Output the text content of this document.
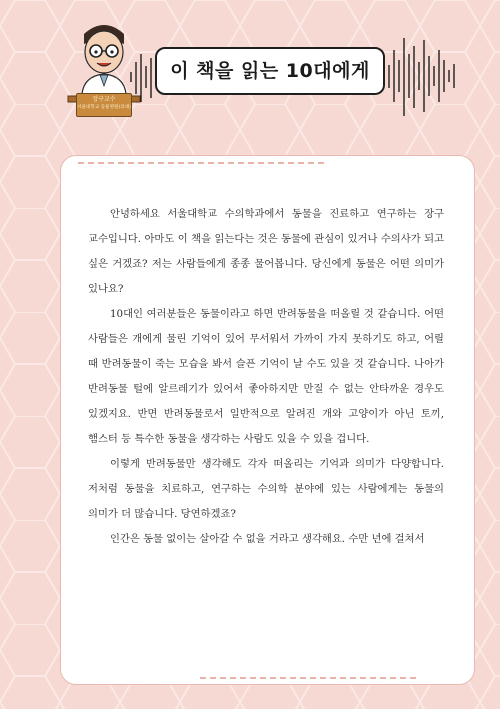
장구교수
서울대학교 동물병원(의대)
이 책을 읽는 10대에게

안녕하세요 서울대학교 수의학과에서 동물을 진료하고 연구하는 장구 교수입니다. 아마도 이 책을 읽는다는 것은 동물에 관심이 있거나 수의사가 되고 싶은 거겠죠? 저는 사람들에게 종종 물어봅니다. 당신에게 동물은 어떤 의미가 있나요?

10대인 여러분들은 동물이라고 하면 반려동물을 떠올릴 것 같습니다. 어떤 사람들은 개에게 물린 기억이 있어 무서워서 가까이 가지 못하기도 하고, 어릴 때 반려동물이 죽는 모습을 봐서 슬픈 기억이 날 수도 있을 것 같습니다. 나아가 반려동물 털에 알르레기가 있어서 좋아하지만 만질 수 없는 안타까운 경우도 있겠지요. 반면 반려동물로서 일반적으로 알려진 개와 고양이가 아닌 토끼, 햄스터 등 특수한 동물을 생각하는 사람도 있을 수 있을 겁니다.

이렇게 반려동물만 생각해도 각자 떠올리는 기억과 의미가 다양합니다. 저처럼 동물을 치료하고, 연구하는 수의학 분야에 있는 사람에게는 동물의 의미가 더 많습니다. 당연하겠죠?

인간은 동물 없이는 살아갈 수 없을 거라고 생각해요. 수만 년에 걸쳐서
